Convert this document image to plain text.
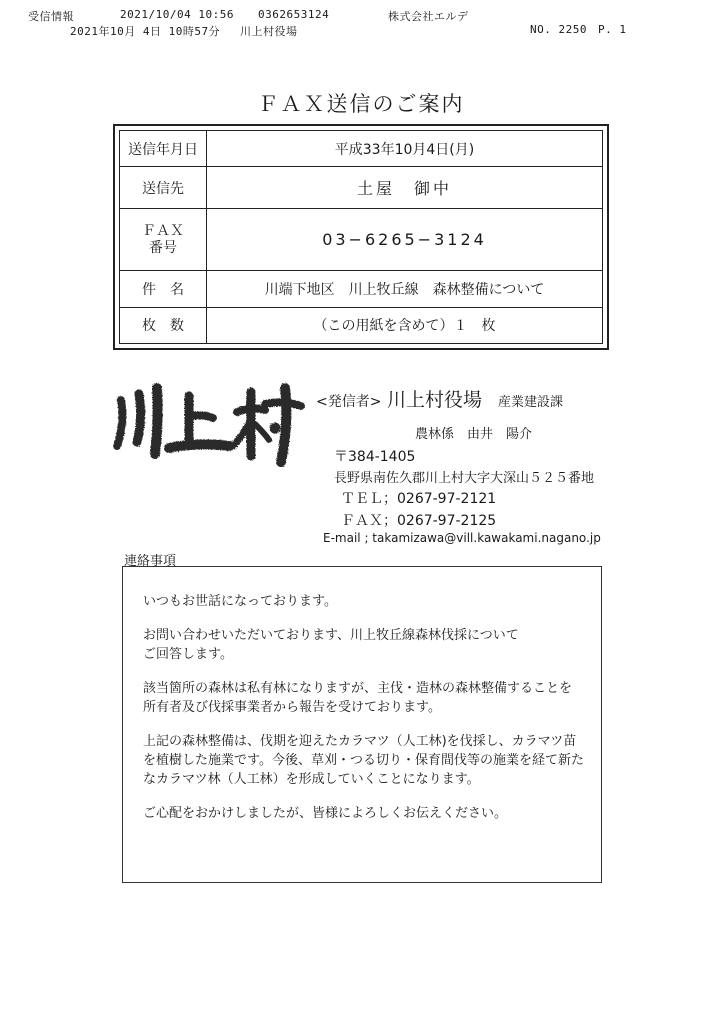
受信情報	2021/10/04 10:56 0362653124	株式会社エルデ
2021年10月 4日 10時57分 川上村役場	NO. 2250 P. 1
ＦＡＸ送信のご案内
送信年月日	平成33年10月4日(月)
送信先	土屋　御中

ＦＡＸ
番号	03−6265−3124
件　名	川端下地区　川上牧丘線　森林整備について
枚　数	（この用紙を含めて）１　枚
<発信者> 川上村役場 産業建設課
農林係　由井　陽介
〒384-1405
長野県南佐久郡川上村大字大深山５２５番地
ＴＥＬ；0267-97-2121
ＦＡＸ；0267-97-2125
E-mail ; takamizawa@vill.kawakami.nagano.jp
連絡事項
いつもお世話になっております。
お問い合わせいただいております、川上牧丘線森林伐採について
ご回答します。
該当箇所の森林は私有林になりますが、主伐・造林の森林整備することを
所有者及び伐採事業者から報告を受けております。
上記の森林整備は、伐期を迎えたカラマツ（人工林)を伐採し、カラマツ苗
を植樹した施業です。今後、草刈・つる切り・保育間伐等の施業を経て新た
なカラマツ林（人工林）を形成していくことになります。
ご心配をおかけしましたが、皆様によろしくお伝えください。
